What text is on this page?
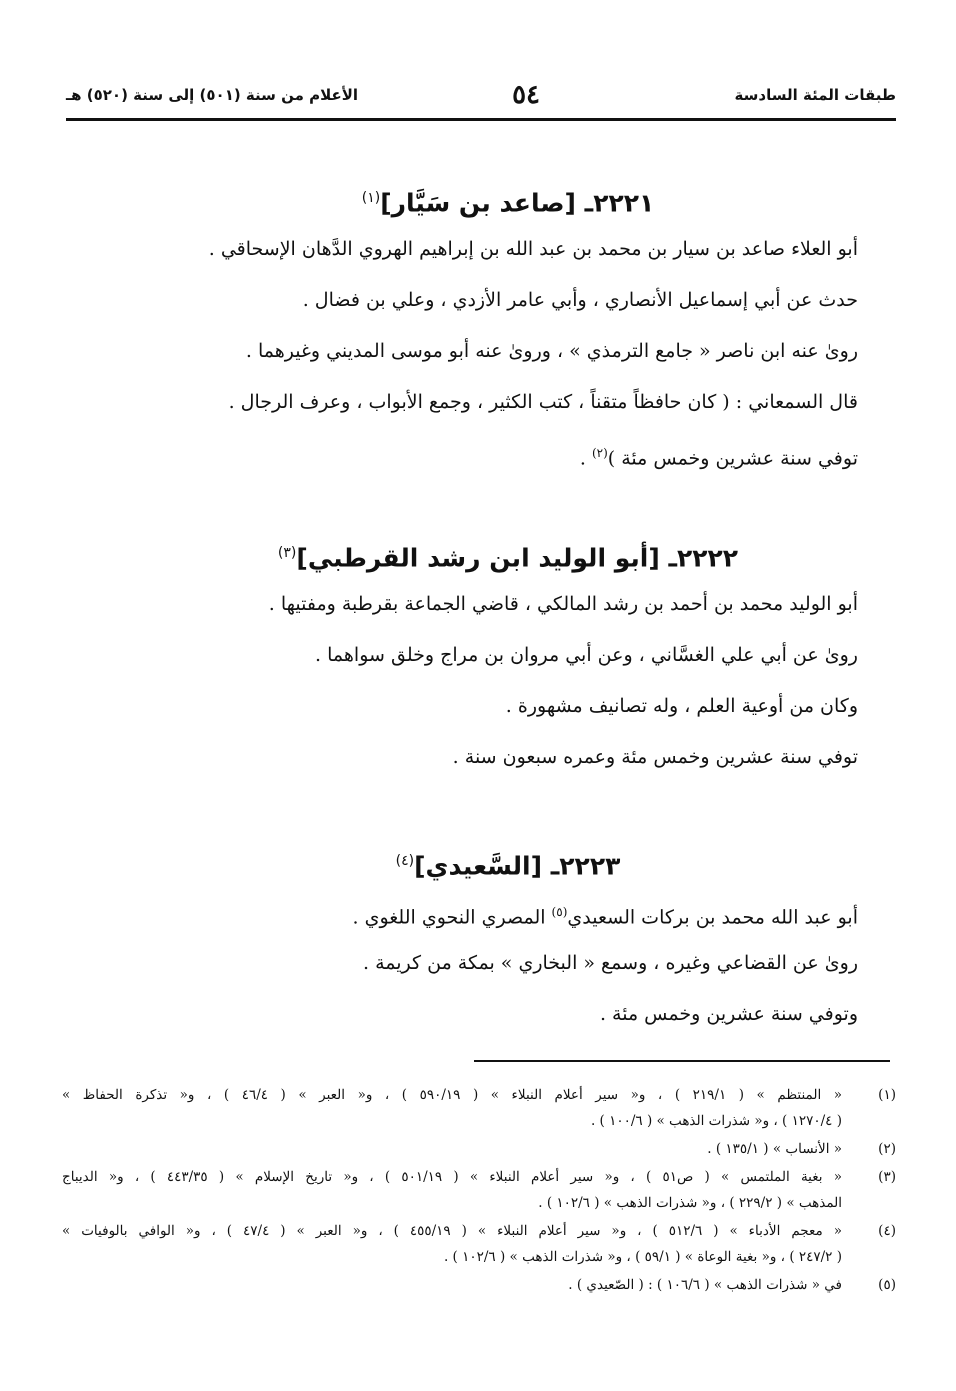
طبقات المئة السادسة
٥٤
الأعلام من سنة (٥٠١) إلى سنة (٥٢٠) هـ
٢٢٢١ـ [صاعد بن سَيَّار]$^{(١)}$
أبو العلاء صاعد بن سيار بن محمد بن عبد الله بن إبراهيم الهروي الدَّهان الإسحاقي .
حدث عن أبي إسماعيل الأنصاري ، وأبي عامر الأزدي ، وعلي بن فضال .
روىٰ عنه ابن ناصر « جامع الترمذي » ، وروىٰ عنه أبو موسى المديني وغيرهما .
قال السمعاني : ( كان حافظاً متقناً ، كتب الكثير ، وجمع الأبواب ، وعرف الرجال .
توفي سنة عشرين وخمس مئة )$^{(٢)}$ .
٢٢٢٢ـ [أبو الوليد ابن رشد القرطبي]$^{(٣)}$
أبو الوليد محمد بن أحمد بن رشد المالكي ، قاضي الجماعة بقرطبة ومفتيها .
روىٰ عن أبي علي الغسَّاني ، وعن أبي مروان بن مراج وخلق سواهما .
وكان من أوعية العلم ، وله تصانيف مشهورة .
توفي سنة عشرين وخمس مئة وعمره سبعون سنة .
٢٢٢٣ـ [السَّعيدي]$^{(٤)}$
أبو عبد الله محمد بن بركات السعيدي$^{(٥)}$ المصري النحوي اللغوي .
روىٰ عن القضاعي وغيره ، وسمع « البخاري » بمكة من كريمة .
وتوفي سنة عشرين وخمس مئة .
(١)
« المنتظم » ( ٢١٩/١ ) ، و« سير أعلام النبلاء » ( ٥٩٠/١٩ ) ، و« العبر » ( ٤٦/٤ ) ، و« تذكرة الحفاظ »
( ١٢٧٠/٤ ) ، و« شذرات الذهب » ( ١٠٠/٦ ) .
(٢)
« الأنساب » ( ١٣٥/١ ) .
(٣)
« بغية الملتمس » ( ص٥١ ) ، و« سير أعلام النبلاء » ( ٥٠١/١٩ ) ، و« تاريخ الإسلام » ( ٤٤٣/٣٥ ) ، و« الديباج
المذهب » ( ٢٢٩/٢ ) ، و« شذرات الذهب » ( ١٠٢/٦ ) .
(٤)
« معجم الأدباء » ( ٥١٢/٦ ) ، و« سير أعلام النبلاء » ( ٤٥٥/١٩ ) ، و« العبر » ( ٤٧/٤ ) ، و« الوافي بالوفيات »
( ٢٤٧/٢ ) ، و« بغية الوعاة » ( ٥٩/١ ) ، و« شذرات الذهب » ( ١٠٢/٦ ) .
(٥)
في « شذرات الذهب » ( ١٠٦/٦ ) : ( الصّعيدي ) .
